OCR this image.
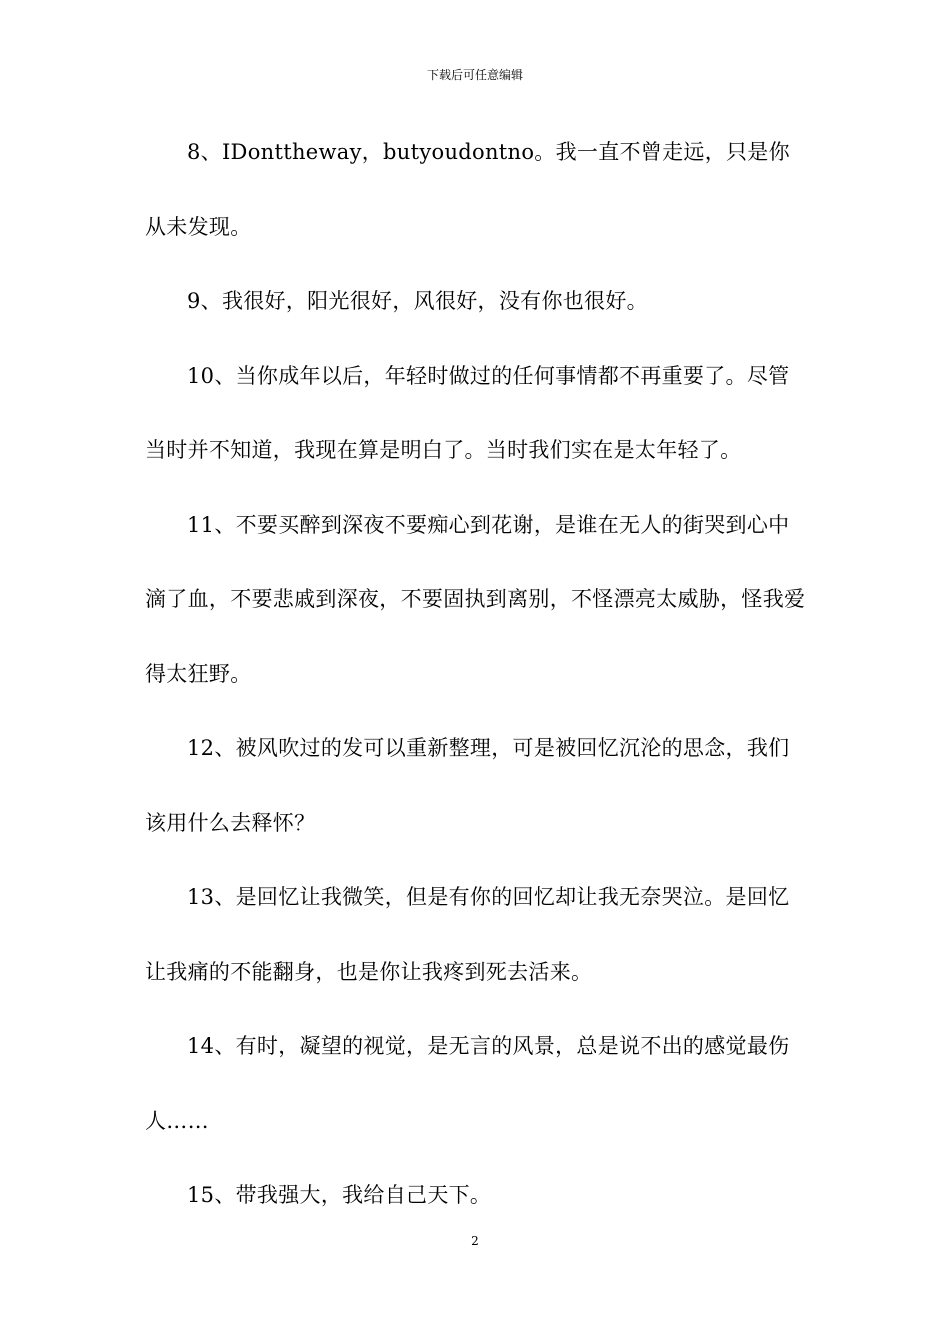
下载后可任意编辑

8、IDonttheway，butyoudontno。我一直不曾走远，只是你从未发现。

9、我很好，阳光很好，风很好，没有你也很好。

10、当你成年以后，年轻时做过的任何事情都不再重要了。尽管当时并不知道，我现在算是明白了。当时我们实在是太年轻了。

11、不要买醉到深夜不要痴心到花谢，是谁在无人的街哭到心中滴了血，不要悲戚到深夜，不要固执到离别，不怪漂亮太威胁，怪我爱得太狂野。

12、被风吹过的发可以重新整理，可是被回忆沉沦的思念，我们该用什么去释怀？

13、是回忆让我微笑，但是有你的回忆却让我无奈哭泣。是回忆让我痛的不能翻身，也是你让我疼到死去活来。

14、有时，凝望的视觉，是无言的风景，总是说不出的感觉最伤人……

15、带我强大，我给自己天下。

2
